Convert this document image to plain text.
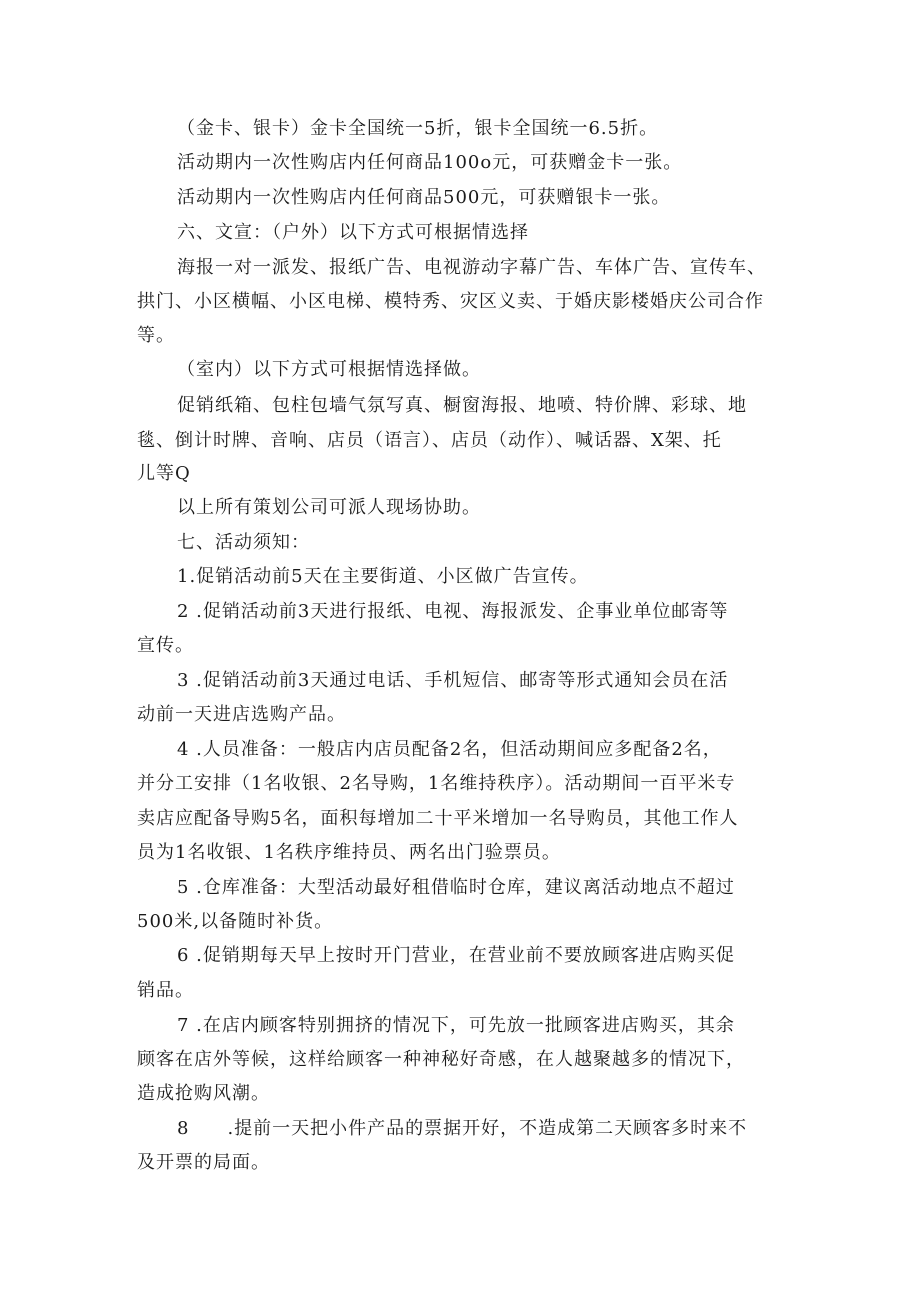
（金卡、银卡）金卡全国统一5折，银卡全国统一6.5折。
活动期内一次性购店内任何商品100o元，可获赠金卡一张。
活动期内一次性购店内任何商品500元，可获赠银卡一张。
六、文宣：（户外）以下方式可根据情选择
海报一对一派发、报纸广告、电视游动字幕广告、车体广告、宣传车、
拱门、小区横幅、小区电梯、模特秀、灾区义卖、于婚庆影楼婚庆公司合作
等。
（室内）以下方式可根据情选择做。
促销纸箱、包柱包墙气氛写真、橱窗海报、地喷、特价牌、彩球、地
毯、倒计时牌、音响、店员（语言）、店员（动作）、喊话器、X架、托
儿等Q
以上所有策划公司可派人现场协助。
七、活动须知：
1.促销活动前5天在主要街道、小区做广告宣传。
2 .促销活动前3天进行报纸、电视、海报派发、企事业单位邮寄等
宣传。
3 .促销活动前3天通过电话、手机短信、邮寄等形式通知会员在活
动前一天进店选购产品。
4 .人员准备：一般店内店员配备2名，但活动期间应多配备2名，
并分工安排（1名收银、2名导购，1名维持秩序）。活动期间一百平米专
卖店应配备导购5名，面积每增加二十平米增加一名导购员，其他工作人
员为1名收银、1名秩序维持员、两名出门验票员。
5 .仓库准备：大型活动最好租借临时仓库，建议离活动地点不超过
500米,以备随时补货。
6 .促销期每天早上按时开门营业，在营业前不要放顾客进店购买促
销品。
7 .在店内顾客特别拥挤的情况下，可先放一批顾客进店购买，其余
顾客在店外等候，这样给顾客一种神秘好奇感，在人越聚越多的情况下，
造成抢购风潮。
8　　.提前一天把小件产品的票据开好，不造成第二天顾客多时来不
及开票的局面。
